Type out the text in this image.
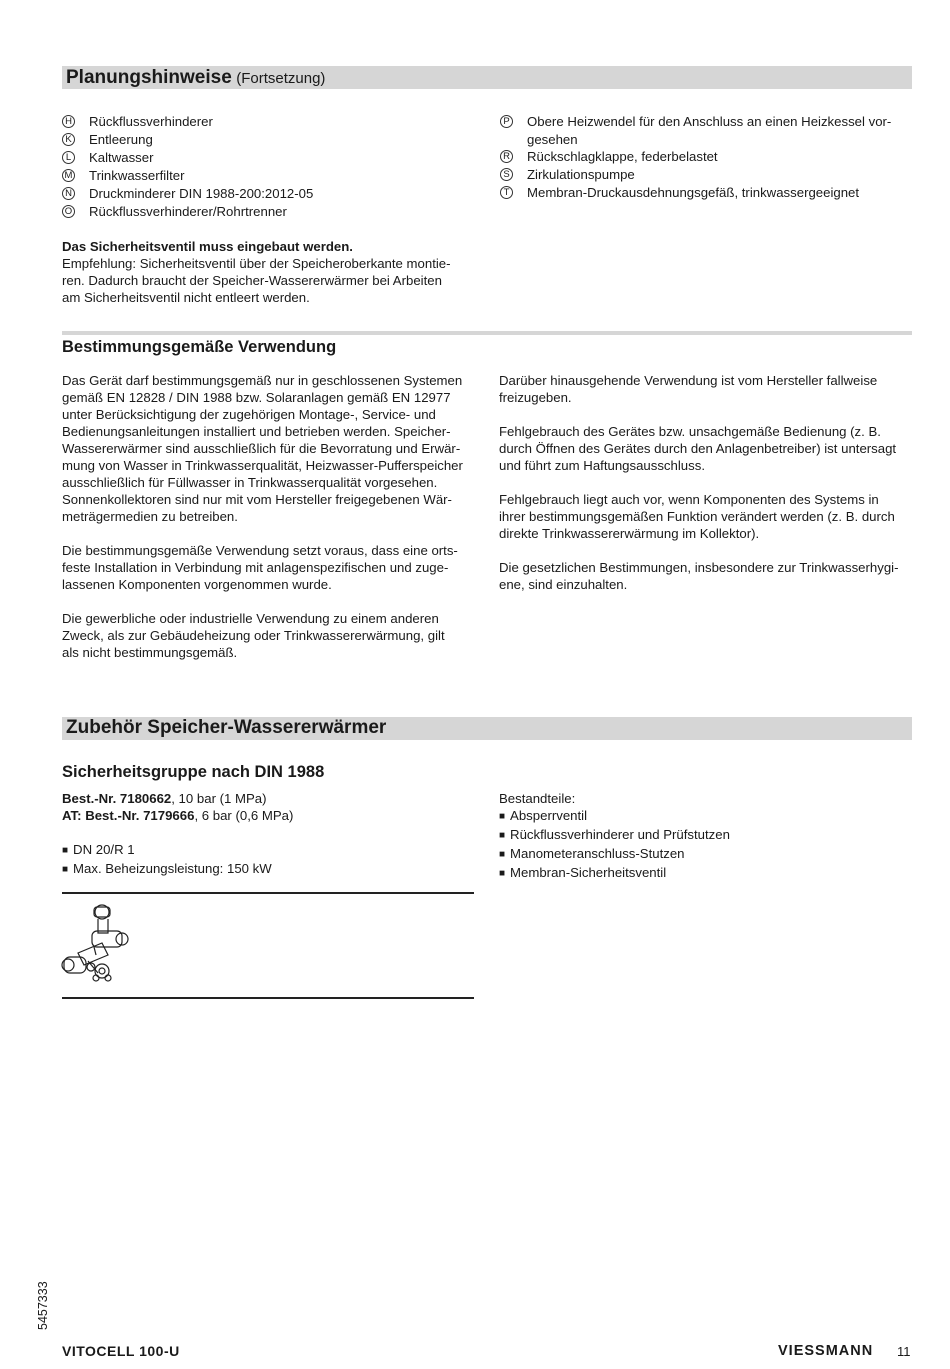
Planungshinweise (Fortsetzung)
H Rückflussverhinderer
K Entleerung
L Kaltwasser
M Trinkwasserfilter
N Druckminderer DIN 1988-200:2012-05
O Rückflussverhinderer/Rohrtrenner
P Obere Heizwendel für den Anschluss an einen Heizkessel vor-
gesehen
R Rückschlagklappe, federbelastet
S Zirkulationspumpe
T Membran-Druckausdehnungsgefäß, trinkwassergeeignet
Das Sicherheitsventil muss eingebaut werden.
Empfehlung: Sicherheitsventil über der Speicheroberkante montie-
ren. Dadurch braucht der Speicher-Wassererwärmer bei Arbeiten
am Sicherheitsventil nicht entleert werden.
Bestimmungsgemäße Verwendung

Das Gerät darf bestimmungsgemäß nur in geschlossenen Systemen
gemäß EN 12828 / DIN 1988 bzw. Solaranlagen gemäß EN 12977
unter Berücksichtigung der zugehörigen Montage-, Service- und
Bedienungsanleitungen installiert und betrieben werden. Speicher-
Wassererwärmer sind ausschließlich für die Bevorratung und Erwär-
mung von Wasser in Trinkwasserqualität, Heizwasser-Pufferspeicher
ausschließlich für Füllwasser in Trinkwasserqualität vorgesehen.
Sonnenkollektoren sind nur mit vom Hersteller freigegebenen Wär-
meträgermedien zu betreiben.

Die bestimmungsgemäße Verwendung setzt voraus, dass eine orts-
feste Installation in Verbindung mit anlagenspezifischen und zuge-
lassenen Komponenten vorgenommen wurde.

Die gewerbliche oder industrielle Verwendung zu einem anderen
Zweck, als zur Gebäudeheizung oder Trinkwassererwärmung, gilt
als nicht bestimmungsgemäß.

Darüber hinausgehende Verwendung ist vom Hersteller fallweise
freizugeben.

Fehlgebrauch des Gerätes bzw. unsachgemäße Bedienung (z. B.
durch Öffnen des Gerätes durch den Anlagenbetreiber) ist untersagt
und führt zum Haftungsausschluss.

Fehlgebrauch liegt auch vor, wenn Komponenten des Systems in
ihrer bestimmungsgemäßen Funktion verändert werden (z. B. durch
direkte Trinkwassererwärmung im Kollektor).

Die gesetzlichen Bestimmungen, insbesondere zur Trinkwasserhygi-
ene, sind einzuhalten.

Zubehör Speicher-Wassererwärmer
Sicherheitsgruppe nach DIN 1988
Best.-Nr. 7180662, 10 bar (1 MPa)
AT: Best.-Nr. 7179666, 6 bar (0,6 MPa)
■ DN 20/R 1
■ Max. Beheizungsleistung: 150 kW
Bestandteile:
■ Absperrventil
■ Rückflussverhinderer und Prüfstutzen
■ Manometeranschluss-Stutzen
■ Membran-Sicherheitsventil
5457333
VITOCELL 100-U	VIESSMANN 11
